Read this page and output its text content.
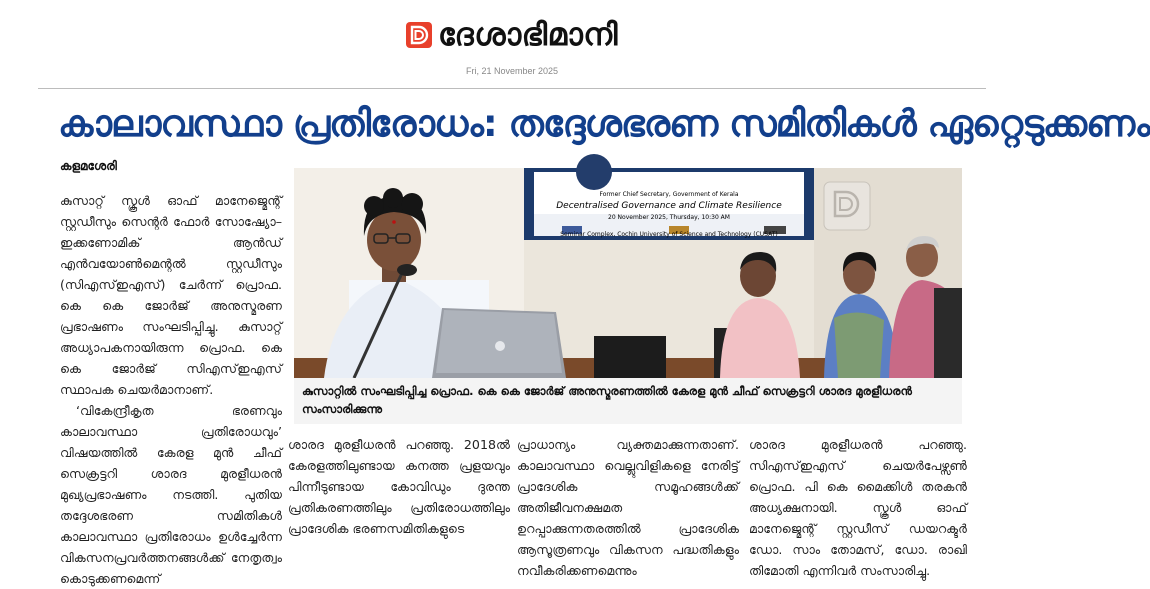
ദേശാഭിമാനി
Fri, 21 November 2025
കാലാവസ്ഥാ പ്രതിരോധം: തദ്ദേശഭരണ സമിതികൾ ഏറ്റെടുക്കണം
കളമശേരി

കുസാറ്റ് സ്കൂൾ ഓഫ് മാനേജ്മെന്റ് സ്റ്റഡീസും സെന്റർ ഫോർ സോഷ്യോ–ഇക്കണോമിക് ആൻഡ് എൻവയോൺമെന്റൽ സ്റ്റഡീസും (സിഎസ്ഇഎസ്) ചേർന്ന് പ്രൊഫ. കെ കെ ജോർജ് അനുസ്മരണ പ്രഭാഷണം സംഘടിപ്പിച്ചു. കുസാറ്റ് അധ്യാപകനായിരുന്ന പ്രൊഫ. കെ കെ ജോർജ് സിഎസ്ഇഎസ് സ്ഥാപക ചെയർമാനാണ്.

‘വികേന്ദ്രീകൃത ഭരണവും കാലാവസ്ഥാ പ്രതിരോധവും’ വിഷയത്തിൽ കേരള മുൻ ചീഫ് സെക്രട്ടറി ശാരദ മുരളീധരൻ മുഖ്യപ്രഭാഷണം നടത്തി. പുതിയ തദ്ദേശഭരണ സമിതികൾ കാലാവസ്ഥാ പ്രതിരോധം ഉൾച്ചേർന്ന വികസനപ്രവർത്തനങ്ങൾക്ക് നേതൃത്വം കൊടുക്കണമെന്ന്

Former Chief Secretary, Government of Kerala
Decentralised Governance and Climate Resilience
20 November 2025, Thursday, 10:30 AM
Seminar Complex, Cochin University of Science and Technology (CUSAT)
കുസാറ്റിൽ സംഘടിപ്പിച്ച പ്രൊഫ. കെ കെ ജോർജ് അനുസ്മരണത്തിൽ കേരള മുൻ ചീഫ് സെക്രട്ടറി ശാരദ മുരളീധരൻ സംസാരിക്കുന്നു

ശാരദ മുരളീധരൻ പറഞ്ഞു. 2018ൽ കേരളത്തിലുണ്ടായ കനത്ത പ്രളയവും പിന്നീടുണ്ടായ കോവിഡും ദുരന്ത പ്രതികരണത്തിലും പ്രതിരോധത്തിലും പ്രാദേശിക ഭരണസമിതികളുടെ

പ്രാധാന്യം വ്യക്തമാക്കുന്നതാണ്. കാലാവസ്ഥാ വെല്ലുവിളികളെ നേരിട്ട് പ്രാദേശിക സമൂഹങ്ങൾക്ക് അതിജീവനക്ഷമത ഉറപ്പാക്കുന്നതരത്തിൽ പ്രാദേശിക ആസൂത്രണവും വികസന പദ്ധതികളും നവീകരിക്കണമെന്നും

ശാരദ മുരളീധരൻ പറഞ്ഞു. സിഎസ്ഇഎസ് ചെയർപേഴ്സൺ പ്രൊഫ. പി കെ മൈക്കിൾ തരകൻ അധ്യക്ഷനായി. സ്കൂൾ ഓഫ് മാനേജ്മെന്റ് സ്റ്റഡീസ് ഡയറക്ടർ ഡോ. സാം തോമസ്, ഡോ. രാഖി തിമോതി എന്നിവർ സംസാരിച്ചു.
